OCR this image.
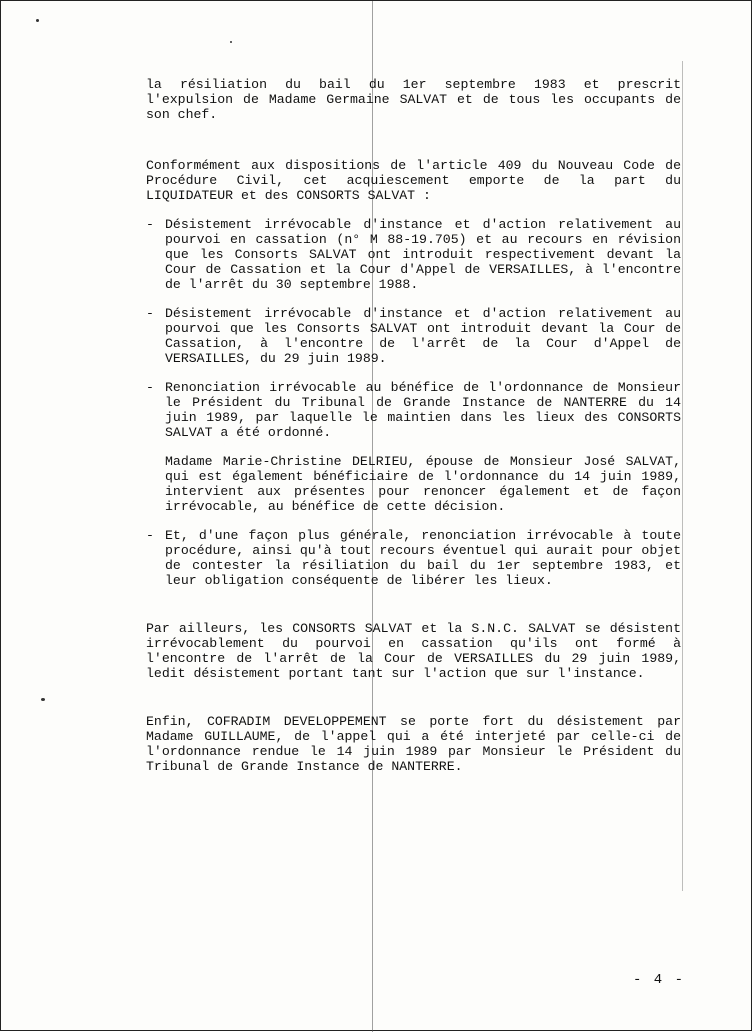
la résiliation du bail du 1er septembre 1983 et prescrit l'expulsion de Madame Germaine SALVAT et de tous les occupants de son chef.

Conformément aux dispositions de l'article 409 du Nouveau Code de Procédure Civil, cet acquiescement emporte de la part du LIQUIDATEUR et des CONSORTS SALVAT :

- Désistement irrévocable d'instance et d'action relativement au pourvoi en cassation (n° M 88-19.705) et au recours en révision que les Consorts SALVAT ont introduit respectivement devant la Cour de Cassation et la Cour d'Appel de VERSAILLES, à l'encontre de l'arrêt du 30 septembre 1988.
- Désistement irrévocable d'instance et d'action relativement au pourvoi que les Consorts SALVAT ont introduit devant la Cour de Cassation, à l'encontre de l'arrêt de la Cour d'Appel de VERSAILLES, du 29 juin 1989.
- Renonciation irrévocable au bénéfice de l'ordonnance de Monsieur le Président du Tribunal de Grande Instance de NANTERRE du 14 juin 1989, par laquelle le maintien dans les lieux des CONSORTS SALVAT a été ordonné.

Madame Marie-Christine DELRIEU, épouse de Monsieur José SALVAT, qui est également bénéficiaire de l'ordonnance du 14 juin 1989, intervient aux présentes pour renoncer également et de façon irrévocable, au bénéfice de cette décision.

- Et, d'une façon plus générale, renonciation irrévocable à toute procédure, ainsi qu'à tout recours éventuel qui aurait pour objet de contester la résiliation du bail du 1er septembre 1983, et leur obligation conséquente de libérer les lieux.

Par ailleurs, les CONSORTS SALVAT et la S.N.C. SALVAT se désistent irrévocablement du pourvoi en cassation qu'ils ont formé à l'encontre de l'arrêt de la Cour de VERSAILLES du 29 juin 1989, ledit désistement portant tant sur l'action que sur l'instance.

Enfin, COFRADIM DEVELOPPEMENT se porte fort du désistement par Madame GUILLAUME, de l'appel qui a été interjeté par celle-ci de l'ordonnance rendue le 14 juin 1989 par Monsieur le Président du Tribunal de Grande Instance de NANTERRE.

- 4 -
